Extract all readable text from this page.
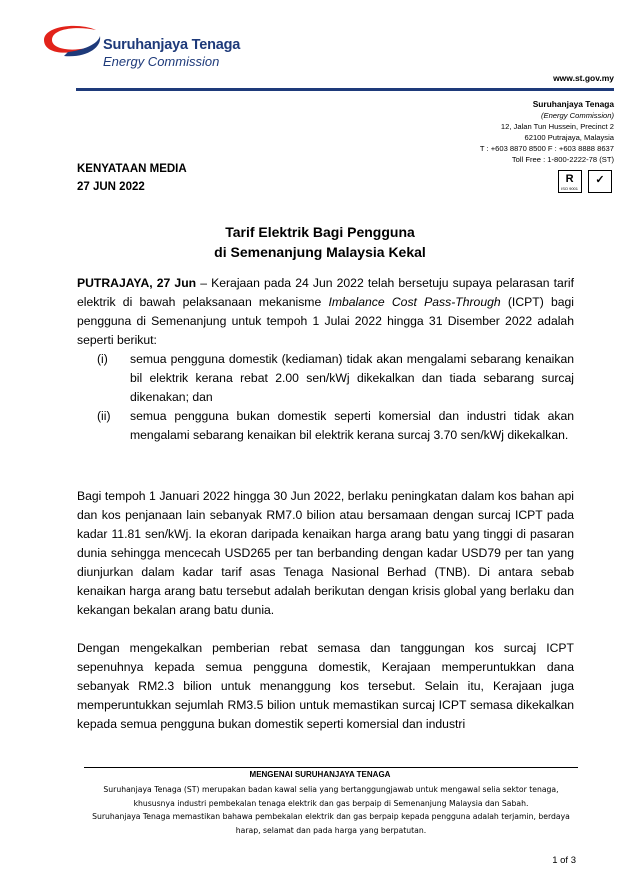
Suruhanjaya Tenaga
Energy Commission
www.st.gov.my
Suruhanjaya Tenaga
(Energy Commission)
12, Jalan Tun Hussein, Precinct 2
62100 Putrajaya, Malaysia
T : +603 8870 8500 F : +603 8888 8637
Toll Free : 1-800-2222-78 (ST)
R
ISO 9001

✓
KENYATAAN MEDIA
27 JUN 2022
Tarif Elektrik Bagi Pengguna
di Semenanjung Malaysia Kekal
PUTRAJAYA, 27 Jun – Kerajaan pada 24 Jun 2022 telah bersetuju supaya pelarasan tarif elektrik di bawah pelaksanaan mekanisme Imbalance Cost Pass-Through (ICPT) bagi pengguna di Semenanjung untuk tempoh 1 Julai 2022 hingga 31 Disember 2022 adalah seperti berikut:
(i) semua pengguna domestik (kediaman) tidak akan mengalami sebarang kenaikan bil elektrik kerana rebat 2.00 sen/kWj dikekalkan dan tiada sebarang surcaj dikenakan; dan
(ii) semua pengguna bukan domestik seperti komersial dan industri tidak akan mengalami sebarang kenaikan bil elektrik kerana surcaj 3.70 sen/kWj dikekalkan.
Bagi tempoh 1 Januari 2022 hingga 30 Jun 2022, berlaku peningkatan dalam kos bahan api dan kos penjanaan lain sebanyak RM7.0 bilion atau bersamaan dengan surcaj ICPT pada kadar 11.81 sen/kWj. Ia ekoran daripada kenaikan harga arang batu yang tinggi di pasaran dunia sehingga mencecah USD265 per tan berbanding dengan kadar USD79 per tan yang diunjurkan dalam kadar tarif asas Tenaga Nasional Berhad (TNB). Di antara sebab kenaikan harga arang batu tersebut adalah berikutan dengan krisis global yang berlaku dan kekangan bekalan arang batu dunia.
Dengan mengekalkan pemberian rebat semasa dan tanggungan kos surcaj ICPT sepenuhnya kepada semua pengguna domestik, Kerajaan memperuntukkan dana sebanyak RM2.3 bilion untuk menanggung kos tersebut. Selain itu, Kerajaan juga memperuntukkan sejumlah RM3.5 bilion untuk memastikan surcaj ICPT semasa dikekalkan kepada semua pengguna bukan domestik seperti komersial dan industri
MENGENAI SURUHANJAYA TENAGA
Suruhanjaya Tenaga (ST) merupakan badan kawal selia yang bertanggungjawab untuk mengawal selia sektor tenaga, khususnya industri pembekalan tenaga elektrik dan gas berpaip di Semenanjung Malaysia dan Sabah.
Suruhanjaya Tenaga memastikan bahawa pembekalan elektrik dan gas berpaip kepada pengguna adalah terjamin, berdaya harap, selamat dan pada harga yang berpatutan.
1 of 3
